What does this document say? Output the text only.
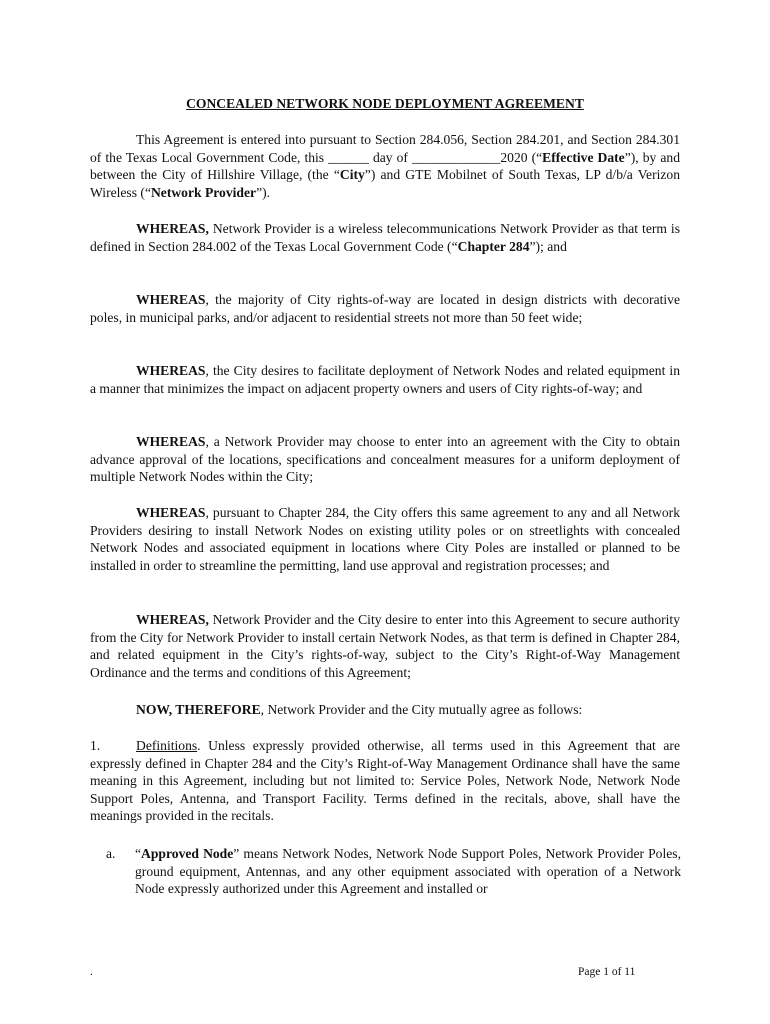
CONCEALED NETWORK NODE DEPLOYMENT AGREEMENT
This Agreement is entered into pursuant to Section 284.056, Section 284.201, and Section 284.301 of the Texas Local Government Code, this ______ day of _____________2020 (“Effective Date”), by and between the City of Hillshire Village, (the “City”) and GTE Mobilnet of South Texas, LP d/b/a Verizon Wireless (“Network Provider”).
WHEREAS, Network Provider is a wireless telecommunications Network Provider as that term is defined in Section 284.002 of the Texas Local Government Code (“Chapter 284”); and
WHEREAS, the majority of City rights-of-way are located in design districts with decorative poles, in municipal parks, and/or adjacent to residential streets not more than 50 feet wide;
WHEREAS, the City desires to facilitate deployment of Network Nodes and related equipment in a manner that minimizes the impact on adjacent property owners and users of City rights-of-way; and
WHEREAS, a Network Provider may choose to enter into an agreement with the City to obtain advance approval of the locations, specifications and concealment measures for a uniform deployment of multiple Network Nodes within the City;
WHEREAS, pursuant to Chapter 284, the City offers this same agreement to any and all Network Providers desiring to install Network Nodes on existing utility poles or on streetlights with concealed Network Nodes and associated equipment in locations where City Poles are installed or planned to be installed in order to streamline the permitting, land use approval and registration processes; and
WHEREAS, Network Provider and the City desire to enter into this Agreement to secure authority from the City for Network Provider to install certain Network Nodes, as that term is defined in Chapter 284, and related equipment in the City’s rights-of-way, subject to the City’s Right-of-Way Management Ordinance and the terms and conditions of this Agreement;
NOW, THEREFORE, Network Provider and the City mutually agree as follows:
1.	Definitions. Unless expressly provided otherwise, all terms used in this Agreement that are expressly defined in Chapter 284 and the City’s Right-of-Way Management Ordinance shall have the same meaning in this Agreement, including but not limited to: Service Poles, Network Node, Network Node Support Poles, Antenna, and Transport Facility. Terms defined in the recitals, above, shall have the meanings provided in the recitals.
a. “Approved Node” means Network Nodes, Network Node Support Poles, Network Provider Poles, ground equipment, Antennas, and any other equipment associated with operation of a Network Node expressly authorized under this Agreement and installed or
.	Page 1 of 11
